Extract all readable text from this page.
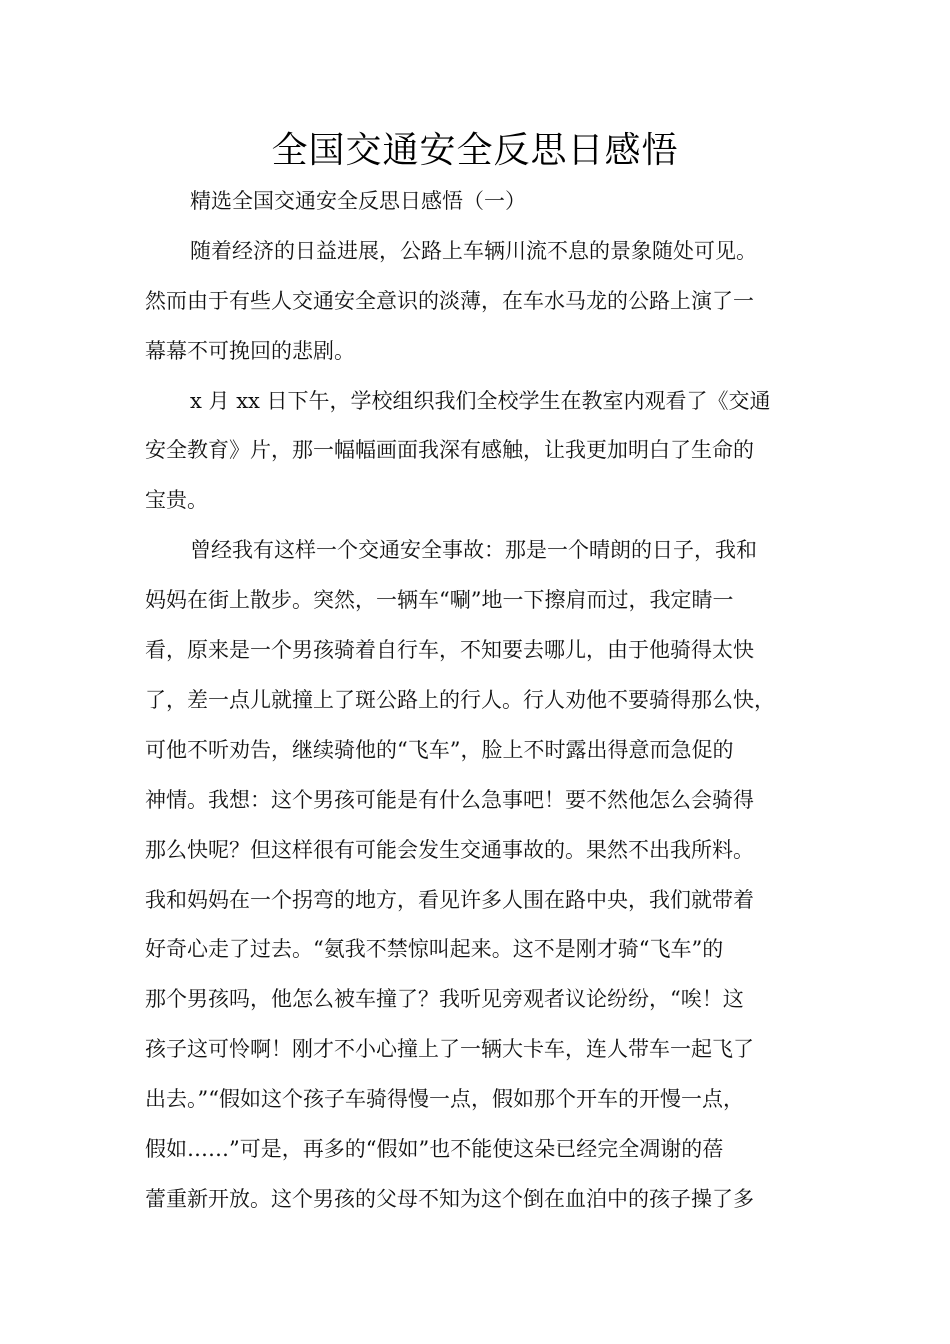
全国交通安全反思日感悟
精选全国交通安全反思日感悟（一）
随着经济的日益进展，公路上车辆川流不息的景象随处可见。
然而由于有些人交通安全意识的淡薄，在车水马龙的公路上演了一
幕幕不可挽回的悲剧。
x 月 xx 日下午，学校组织我们全校学生在教室内观看了《交通
安全教育》片，那一幅幅画面我深有感触，让我更加明白了生命的
宝贵。
曾经我有这样一个交通安全事故：那是一个晴朗的日子，我和
妈妈在街上散步。突然，一辆车“唰”地一下擦肩而过，我定睛一
看，原来是一个男孩骑着自行车，不知要去哪儿，由于他骑得太快
了，差一点儿就撞上了斑公路上的行人。行人劝他不要骑得那么快，
可他不听劝告，继续骑他的“飞车”，脸上不时露出得意而急促的
神情。我想：这个男孩可能是有什么急事吧！要不然他怎么会骑得
那么快呢？但这样很有可能会发生交通事故的。果然不出我所料。
我和妈妈在一个拐弯的地方，看见许多人围在路中央，我们就带着
好奇心走了过去。“氨我不禁惊叫起来。这不是刚才骑“飞车”的
那个男孩吗，他怎么被车撞了？我听见旁观者议论纷纷，“唉！这
孩子这可怜啊！刚才不小心撞上了一辆大卡车，连人带车一起飞了
出去。”“假如这个孩子车骑得慢一点，假如那个开车的开慢一点，
假如……”可是，再多的“假如”也不能使这朵已经完全凋谢的蓓
蕾重新开放。这个男孩的父母不知为这个倒在血泊中的孩子操了多
